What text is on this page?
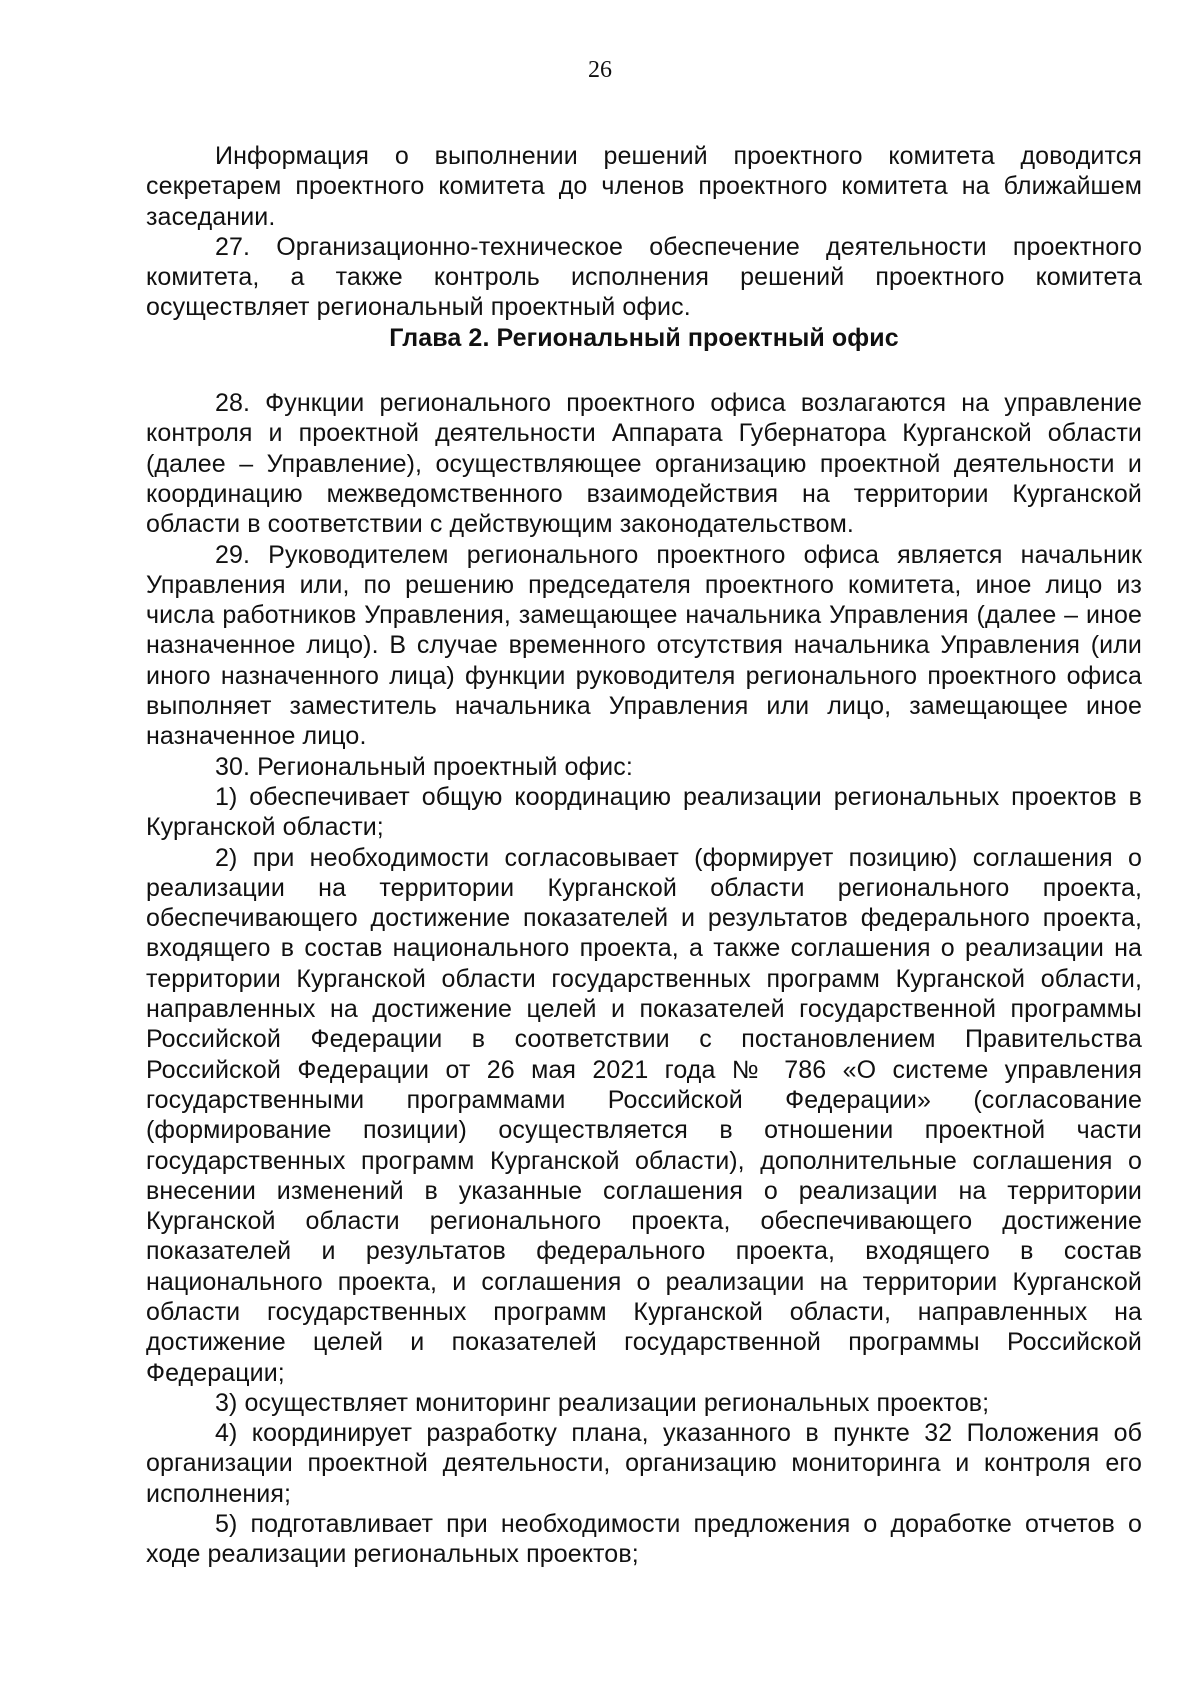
26

Информация о выполнении решений проектного комитета доводится секретарем проектного комитета до членов проектного комитета на ближайшем заседании.

27. Организационно-техническое обеспечение деятельности проектного комитета, а также контроль исполнения решений проектного комитета осуществляет региональный проектный офис.

Глава 2. Региональный проектный офис

28. Функции регионального проектного офиса возлагаются на управление контроля и проектной деятельности Аппарата Губернатора Курганской области (далее – Управление), осуществляющее организацию проектной деятельности и координацию межведомственного взаимодействия на территории Курганской области в соответствии с действующим законодательством.

29. Руководителем регионального проектного офиса является начальник Управления или, по решению председателя проектного комитета, иное лицо из числа работников Управления, замещающее начальника Управления (далее – иное назначенное лицо). В случае временного отсутствия начальника Управления (или иного назначенного лица) функции руководителя регионального проектного офиса выполняет заместитель начальника Управления или лицо, замещающее иное назначенное лицо.

30. Региональный проектный офис:

1) обеспечивает общую координацию реализации региональных проектов в Курганской области;

2) при необходимости согласовывает (формирует позицию) соглашения о реализации на территории Курганской области регионального проекта, обеспечивающего достижение показателей и результатов федерального проекта, входящего в состав национального проекта, а также соглашения о реализации на территории Курганской области государственных программ Курганской области, направленных на достижение целей и показателей государственной программы Российской Федерации в соответствии с постановлением Правительства Российской Федерации от 26 мая 2021 года № 786 «О системе управления государственными программами Российской Федерации» (согласование (формирование позиции) осуществляется в отношении проектной части государственных программ Курганской области), дополнительные соглашения о внесении изменений в указанные соглашения о реализации на территории Курганской области регионального проекта, обеспечивающего достижение показателей и результатов федерального проекта, входящего в состав национального проекта, и соглашения о реализации на территории Курганской области государственных программ Курганской области, направленных на достижение целей и показателей государственной программы Российской Федерации;

3) осуществляет мониторинг реализации региональных проектов;

4) координирует разработку плана, указанного в пункте 32 Положения об организации проектной деятельности, организацию мониторинга и контроля его исполнения;

5) подготавливает при необходимости предложения о доработке отчетов о ходе реализации региональных проектов;
